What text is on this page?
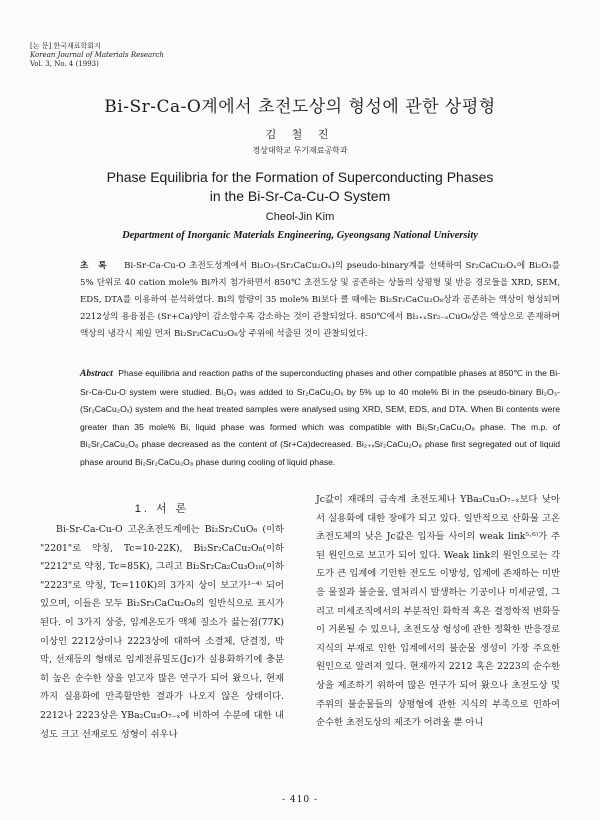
[논 문] 한국재료학회지
Korean Journal of Materials Research
Vol. 3, No. 4 (1993)
Bi-Sr-Ca-O계에서 초전도상의 형성에 관한 상평형
김 철 진
경상대학교 무기재료공학과
Phase Equilibria for the Formation of Superconducting Phases
in the Bi-Sr-Ca-Cu-O System
Cheol-Jin Kim
Department of Inorganic Materials Engineering, Gyeongsang National University
초록 Bi-Sr-Ca-Cu-O 초전도성계에서 Bi₂O₃-(Sr₂CaCu₂Oₓ)의 pseudo-binary계를 선택하여 Sr₂CaCu₂Oₓ에 Bi₂O₃를 5% 단위로 40 cation mole% Bi까지 첨가하면서 850℃ 초전도상 및 공존하는 상들의 상평형 및 반응 경로들을 XRD, SEM, EDS, DTA를 이용하여 분석하였다. Bi의 함량이 35 mole% Bi보다 클 때에는 Bi₂Sr₂CaCu₂O₈상과 공존하는 액상이 형성되며 2212상의 용융점은 (Sr+Ca)양이 감소함수록 감소하는 것이 관찰되었다. 850℃에서 Bi₂₊ₓSr₂₋ₓCuO₆상은 액상으로 존재하며 액상의 냉각시 제일 먼저 Bi₂Sr₂CaCu₂O₈상 주위에 석출된 것이 관찰되었다.
Abstract Phase equilibria and reaction paths of the superconducting phases and other compatible phases at 850℃ in the Bi-Sr-Ca-Cu-O system were studied. Bi₂O₃ was added to Sr₂CaCu₂Oₓ by 5% up to 40 mole% Bi in the pseudo-binary Bi₂O₃-(Sr₂CaCu₂Oₓ) system and the heat treated samples were analysed using XRD, SEM, EDS, and DTA. When Bi contents were greater than 35 mole% Bi, liquid phase was formed which was compatible with Bi₂Sr₂CaCu₂O₈ phase. The m.p. of Bi₂Sr₂CaCu₂O₈ phase decreased as the content of (Sr+Ca)decreased. Bi₂₊ₓSr₂CaCu₂O₈ phase first segregated out of liquid phase around Bi₂Sr₂CaCu₂O₈ phase during cooling of liquid phase.
1. 서 론
Bi-Sr-Ca-Cu-O 고온초전도계에는 Bi₂Sr₂CuO₆ (이하 "2201"로 약칭, Tc=10-22K), Bi₂Sr₂CaCu₂O₈(이하 "2212"로 약칭, Tc=85K), 그리고 Bi₂Sr₂Ca₂Cu₃O₁₀(이하 "2223"로 약칭, Tc=110K)의 3가지 상이 보고가¹⁻⁴⁾ 되어 있으며, 이들은 모두 Bi₂Sr₂CaCu₂O₈의 일반식으로 표시가 된다. 이 3가지 상중, 임계온도가 액체 질소가 끓는점(77K) 이상인 2212상이나 2223상에 대하여 소결체, 단결정, 박막, 선재등의 형태로 임계전류밀도(Jc)가 실용화하기에 충분히 높은 순수한 상을 얻고자 많은 연구가 되어 왔으나, 현재까지 실용화에 만족할만한 결과가 나오지 않은 상태이다. 2212나 2223상은 YBa₂Cu₃O₇₋ₓ에 비하여 수분에 대한 내성도 크고 선재로도 성형이 쉬우나
Jc값이 재래의 금속계 초전도체나 YBa₂Cu₃O₇₋ₓ보다 낮아서 실용화에 대한 장애가 되고 있다. 일반적으로 산화물 고온 초전도체의 낮은 Jc값은 입자들 사이의 weak link⁵·⁶⁾가 주된 원인으로 보고가 되어 있다. Weak link의 원인으로는 각도가 큰 입계에 기인한 전도도 이방성, 입계에 존재하는 미반응 물질과 불순물, 열처리시 발생하는 기공이나 미세균열, 그리고 미세조직에서의 부분적인 화학적 혹은 결정학적 변화등이 거론될 수 있으나, 초전도상 형성에 관한 정확한 반응경로 지식의 부재로 인한 입계에서의 불순물 생성이 가장 주요한 원인으로 알려져 있다. 현재까지 2212 혹은 2223의 순수한 상을 제조하기 위하여 많은 연구가 되어 왔으나 초전도상 및 주위의 불순물들의 상평형에 관한 지식의 부족으로 인하여 순수한 초전도상의 제조가 어려울 뿐 아니
- 410 -
